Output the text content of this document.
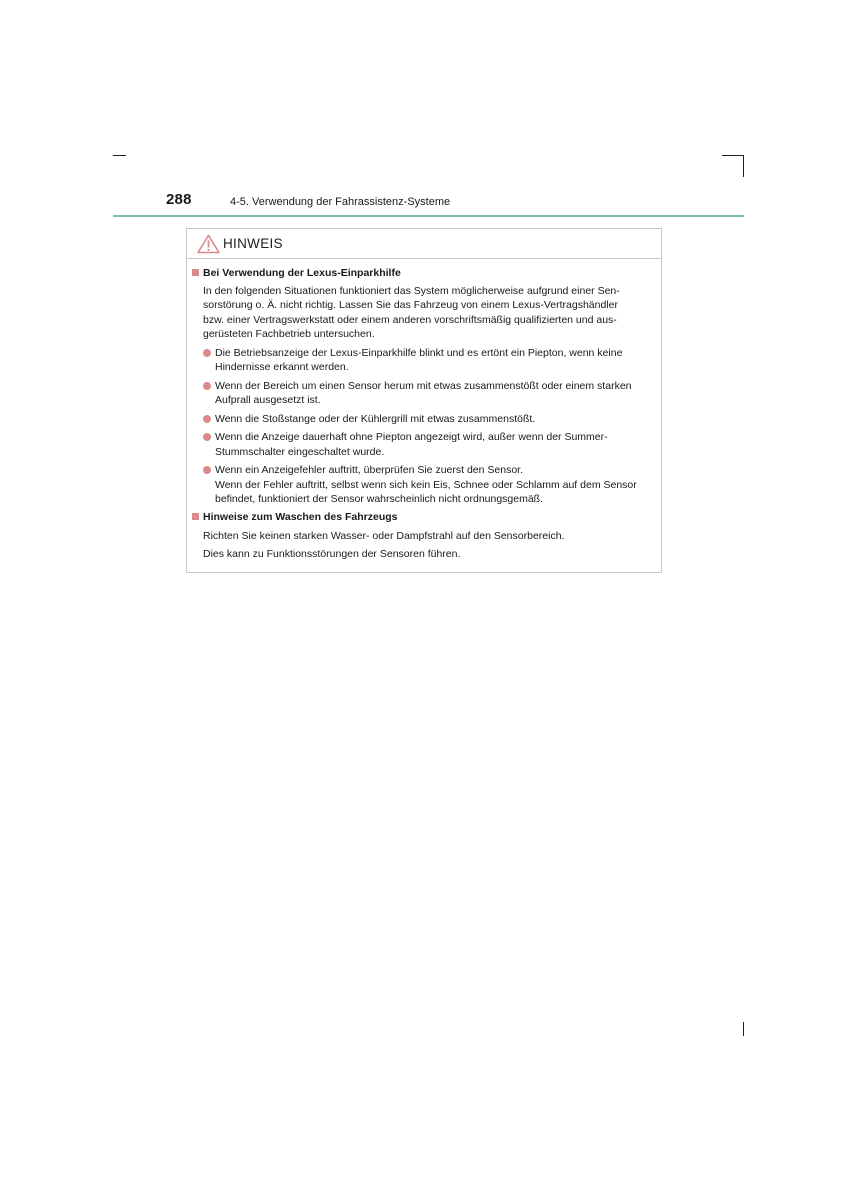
288	4-5. Verwendung der Fahrassistenz-Systeme
HINWEIS
Bei Verwendung der Lexus-Einparkhilfe
In den folgenden Situationen funktioniert das System möglicherweise aufgrund einer Sen-
sorstörung o. Ä. nicht richtig. Lassen Sie das Fahrzeug von einem Lexus-Vertragshändler
bzw. einer Vertragswerkstatt oder einem anderen vorschriftsmäßig qualifizierten und aus-
gerüsteten Fachbetrieb untersuchen.
Die Betriebsanzeige der Lexus-Einparkhilfe blinkt und es ertönt ein Piepton, wenn keine
Hindernisse erkannt werden.
Wenn der Bereich um einen Sensor herum mit etwas zusammenstößt oder einem starken
Aufprall ausgesetzt ist.
Wenn die Stoßstange oder der Kühlergrill mit etwas zusammenstößt.
Wenn die Anzeige dauerhaft ohne Piepton angezeigt wird, außer wenn der Summer-
Stummschalter eingeschaltet wurde.
Wenn ein Anzeigefehler auftritt, überprüfen Sie zuerst den Sensor.
Wenn der Fehler auftritt, selbst wenn sich kein Eis, Schnee oder Schlamm auf dem Sensor
befindet, funktioniert der Sensor wahrscheinlich nicht ordnungsgemäß.
Hinweise zum Waschen des Fahrzeugs
Richten Sie keinen starken Wasser- oder Dampfstrahl auf den Sensorbereich.
Dies kann zu Funktionsstörungen der Sensoren führen.
